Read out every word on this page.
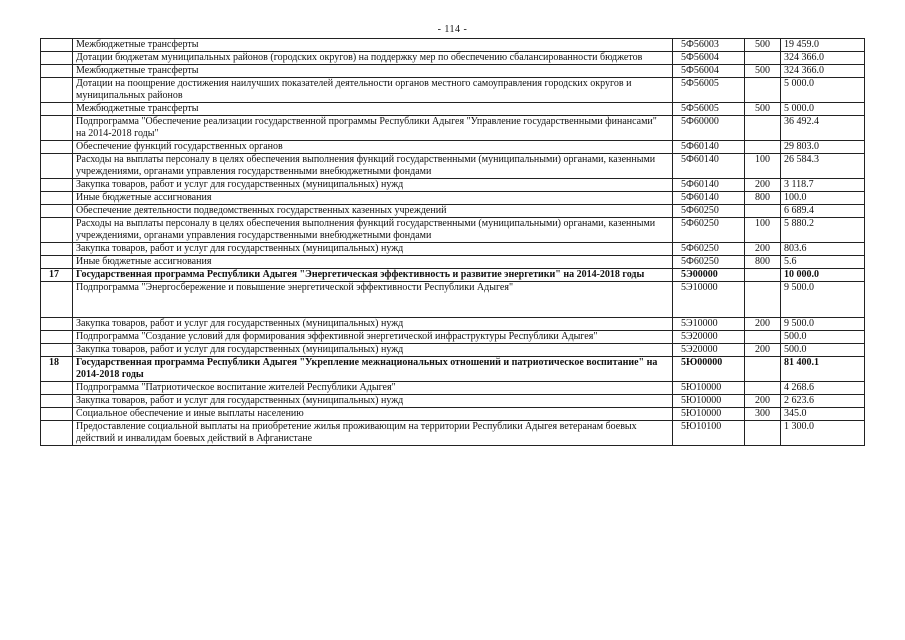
- 114 -
	Межбюджетные трансферты	5Ф56003	500	19 459.0
	Дотации бюджетам муниципальных районов (городских округов) на поддержку мер по обеспечению сбалансированности бюджетов	5Ф56004		324 366.0
	Межбюджетные трансферты	5Ф56004	500	324 366.0
	Дотации на поощрение достижения наилучших показателей деятельности органов местного самоуправления городских округов и муниципальных районов	5Ф56005		5 000.0
	Межбюджетные трансферты	5Ф56005	500	5 000.0
	Подпрограмма "Обеспечение реализации государственной программы Республики Адыгея "Управление государственными финансами" на 2014-2018 годы"	5Ф60000		36 492.4
	Обеспечение функций государственных органов	5Ф60140		29 803.0
	Расходы на выплаты персоналу в целях обеспечения выполнения функций государственными (муниципальными) органами, казенными учреждениями, органами управления государственными внебюджетными фондами	5Ф60140	100	26 584.3
	Закупка товаров, работ и услуг для государственных (муниципальных) нужд	5Ф60140	200	3 118.7
	Иные бюджетные ассигнования	5Ф60140	800	100.0
	Обеспечение деятельности подведомственных государственных казенных учреждений	5Ф60250		6 689.4
	Расходы на выплаты персоналу в целях обеспечения выполнения функций государственными (муниципальными) органами, казенными учреждениями, органами управления государственными внебюджетными фондами	5Ф60250	100	5 880.2
	Закупка товаров, работ и услуг для государственных (муниципальных) нужд	5Ф60250	200	803.6
	Иные бюджетные ассигнования	5Ф60250	800	5.6
17	Государственная программа Республики Адыгея "Энергетическая эффективность и развитие энергетики" на 2014-2018 годы	5Э00000		10 000.0
	Подпрограмма "Энергосбережение и повышение энергетической эффективности Республики Адыгея"	5Э10000		9 500.0
	Закупка товаров, работ и услуг для государственных (муниципальных) нужд	5Э10000	200	9 500.0
	Подпрограмма "Создание условий для формирования эффективной энергетической инфраструктуры Республики Адыгея"	5Э20000		500.0
	Закупка товаров, работ и услуг для государственных (муниципальных) нужд	5Э20000	200	500.0
18	Государственная программа Республики Адыгея "Укрепление межнациональных отношений и патриотическое воспитание" на 2014-2018 годы	5Ю00000		81 400.1
	Подпрограмма "Патриотическое воспитание жителей Республики Адыгея"	5Ю10000		4 268.6
	Закупка товаров, работ и услуг для государственных (муниципальных) нужд	5Ю10000	200	2 623.6
	Социальное обеспечение и иные выплаты населению	5Ю10000	300	345.0
	Предоставление социальной выплаты на приобретение жилья проживающим на территории Республики Адыгея ветеранам боевых действий и инвалидам боевых действий в Афганистане	5Ю10100		1 300.0
